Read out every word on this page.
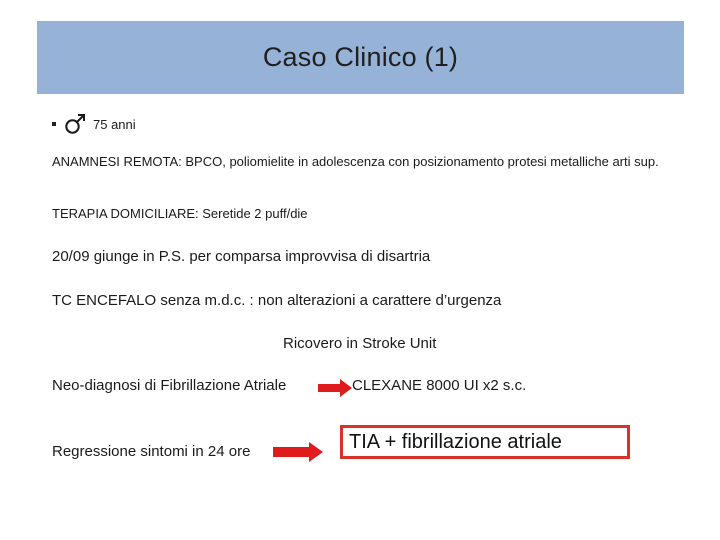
Caso Clinico (1)
75 anni
ANAMNESI REMOTA: BPCO, poliomielite in adolescenza con posizionamento protesi metalliche arti sup.
TERAPIA DOMICILIARE: Seretide 2 puff/die
20/09 giunge in P.S. per comparsa improvvisa di disartria
TC ENCEFALO senza m.d.c. : non alterazioni a carattere d’urgenza
Ricovero in Stroke Unit
Neo-diagnosi di Fibrillazione Atriale	CLEXANE 8000 UI x2 s.c.
Regressione sintomi in 24 ore	TIA + fibrillazione atriale
